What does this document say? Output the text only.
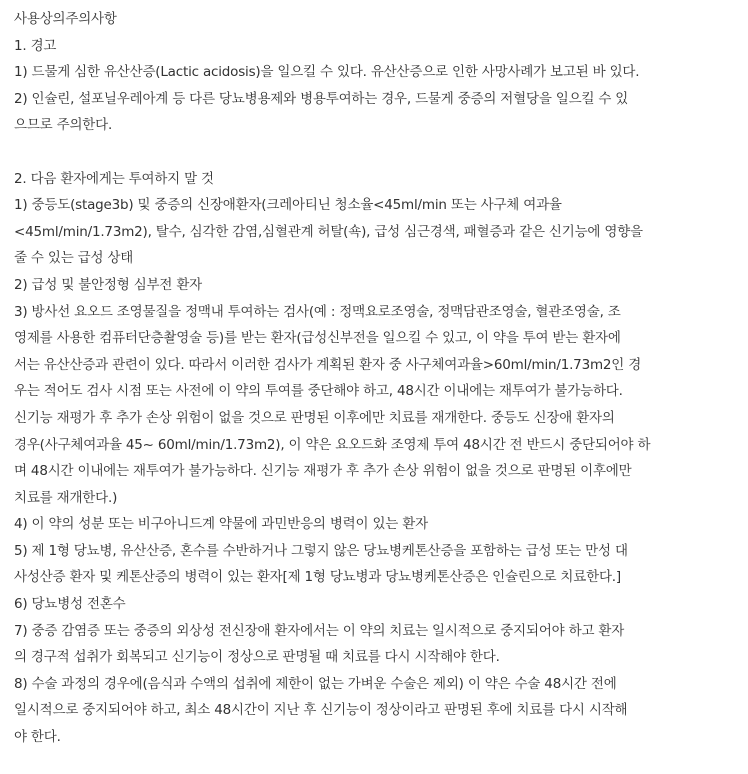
사용상의주의사항
1. 경고
1) 드물게 심한 유산산증(Lactic acidosis)을 일으킬 수 있다. 유산산증으로 인한 사망사례가 보고된 바 있다.
2) 인슐린, 설포닐우레아계 등 다른 당뇨병용제와 병용투여하는 경우, 드물게 중증의 저혈당을 일으킬 수 있
으므로 주의한다.
2. 다음 환자에게는 투여하지 말 것
1) 중등도(stage3b) 및 중증의 신장애환자(크레아티닌 청소율<45ml/min 또는 사구체 여과율
<45ml/min/1.73m2), 탈수, 심각한 감염,심혈관계 허탈(쇽), 급성 심근경색, 패혈증과 같은 신기능에 영향을
줄 수 있는 급성 상태
2) 급성 및 불안정형 심부전 환자
3) 방사선 요오드 조영물질을 정맥내 투여하는 검사(예 : 정맥요로조영술, 정맥담관조영술, 혈관조영술, 조
영제를 사용한 컴퓨터단층촬영술 등)를 받는 환자(급성신부전을 일으킬 수 있고, 이 약을 투여 받는 환자에
서는 유산산증과 관련이 있다. 따라서 이러한 검사가 계획된 환자 중 사구체여과율>60ml/min/1.73m2인 경
우는 적어도 검사 시점 또는 사전에 이 약의 투여를 중단해야 하고, 48시간 이내에는 재투여가 불가능하다.
신기능 재평가 후 추가 손상 위험이 없을 것으로 판명된 이후에만 치료를 재개한다. 중등도 신장애 환자의
경우(사구체여과율 45~ 60ml/min/1.73m2), 이 약은 요오드화 조영제 투여 48시간 전 반드시 중단되어야 하
며 48시간 이내에는 재투여가 불가능하다. 신기능 재평가 후 추가 손상 위험이 없을 것으로 판명된 이후에만
치료를 재개한다.)
4) 이 약의 성분 또는 비구아니드계 약물에 과민반응의 병력이 있는 환자
5) 제 1형 당뇨병, 유산산증, 혼수를 수반하거나 그렇지 않은 당뇨병케톤산증을 포함하는 급성 또는 만성 대
사성산증 환자 및 케톤산증의 병력이 있는 환자[제 1형 당뇨병과 당뇨병케톤산증은 인슐린으로 치료한다.]
6) 당뇨병성 전혼수
7) 중증 감염증 또는 중증의 외상성 전신장애 환자에서는 이 약의 치료는 일시적으로 중지되어야 하고 환자
의 경구적 섭취가 회복되고 신기능이 정상으로 판명될 때 치료를 다시 시작해야 한다.
8) 수술 과정의 경우에(음식과 수액의 섭취에 제한이 없는 가벼운 수술은 제외) 이 약은 수술 48시간 전에
일시적으로 중지되어야 하고, 최소 48시간이 지난 후 신기능이 정상이라고 판명된 후에 치료를 다시 시작해
야 한다.
